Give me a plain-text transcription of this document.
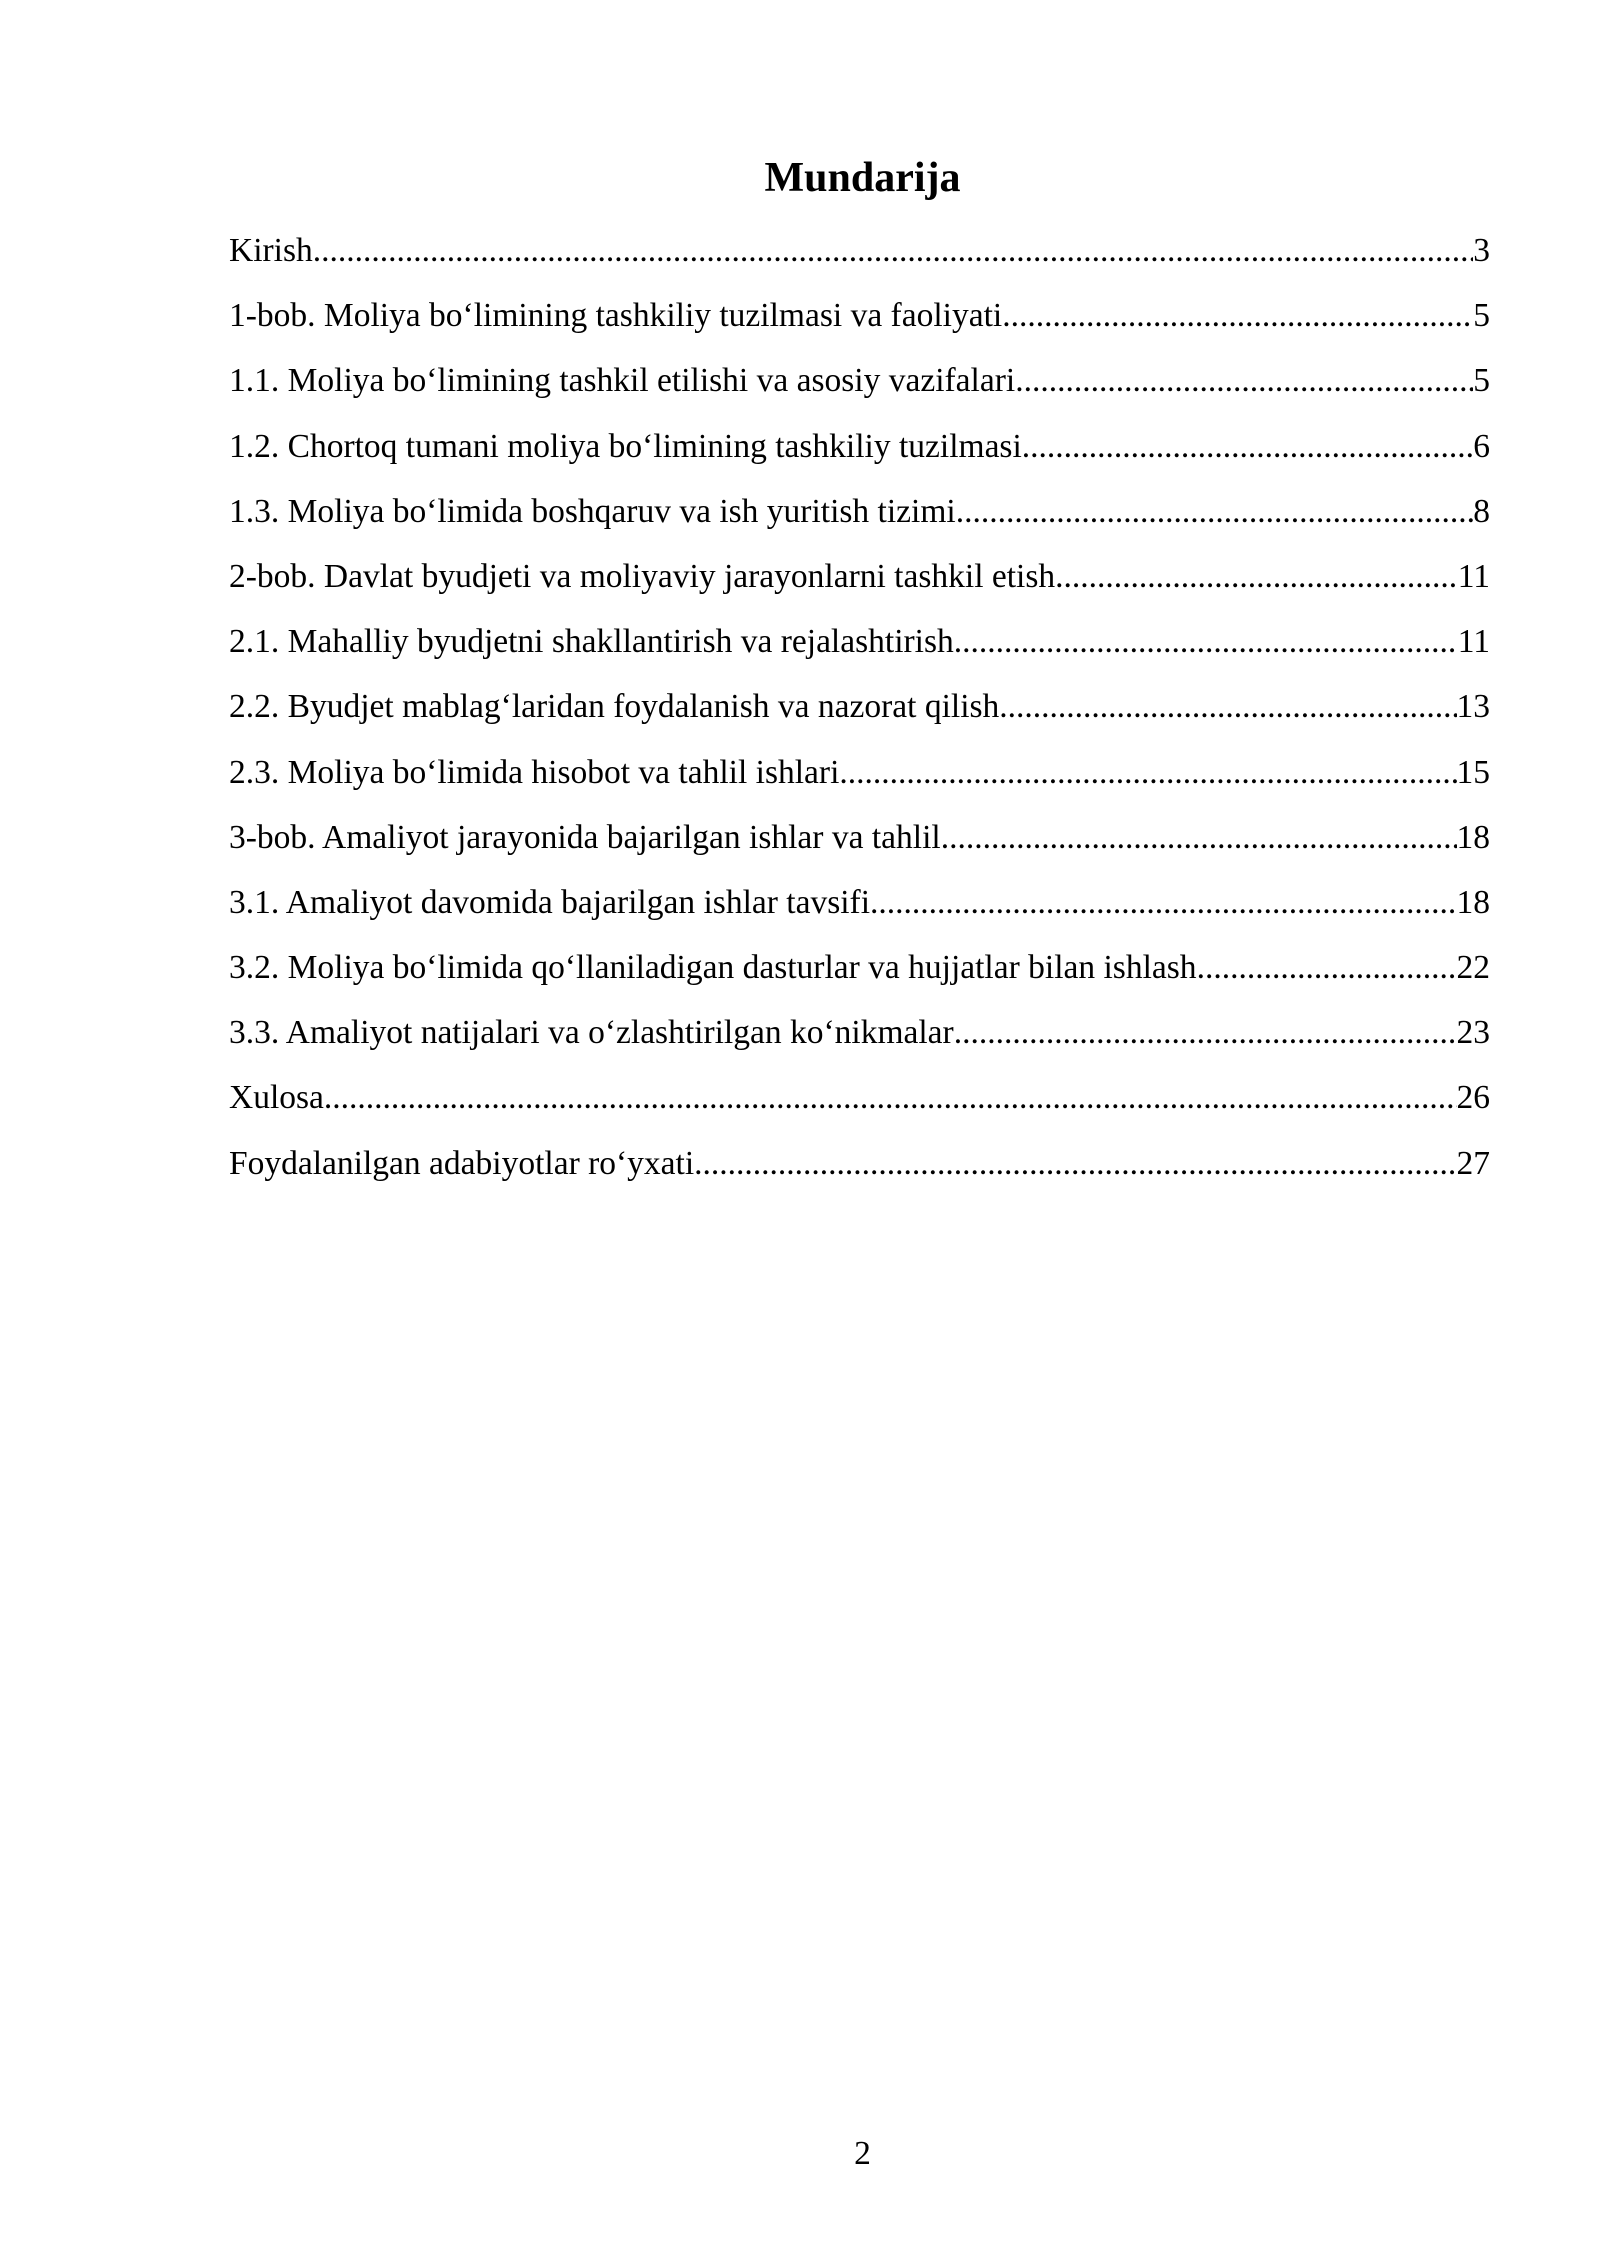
Mundarija
Kirish .....	3
1-bob. Moliya bo‘limining tashkiliy tuzilmasi va faoliyati .....	5
1.1. Moliya bo‘limining tashkil etilishi va asosiy vazifalari .....	5
1.2. Chortoq tumani moliya bo‘limining tashkiliy tuzilmasi .....	6
1.3. Moliya bo‘limida boshqaruv va ish yuritish tizimi .....	8
2-bob. Davlat byudjeti va moliyaviy jarayonlarni tashkil etish .....	11
2.1. Mahalliy byudjetni shakllantirish va rejalashtirish .....	11
2.2. Byudjet mablag‘laridan foydalanish va nazorat qilish .....	13
2.3. Moliya bo‘limida hisobot va tahlil ishlari .....	15
3-bob. Amaliyot jarayonida bajarilgan ishlar va tahlil .....	18
3.1. Amaliyot davomida bajarilgan ishlar tavsifi .....	18
3.2. Moliya bo‘limida qo‘llaniladigan dasturlar va hujjatlar bilan ishlash .....	22
3.3. Amaliyot natijalari va o‘zlashtirilgan ko‘nikmalar .....	23
Xulosa .....	26
Foydalanilgan adabiyotlar ro‘yxati .....	27
2
